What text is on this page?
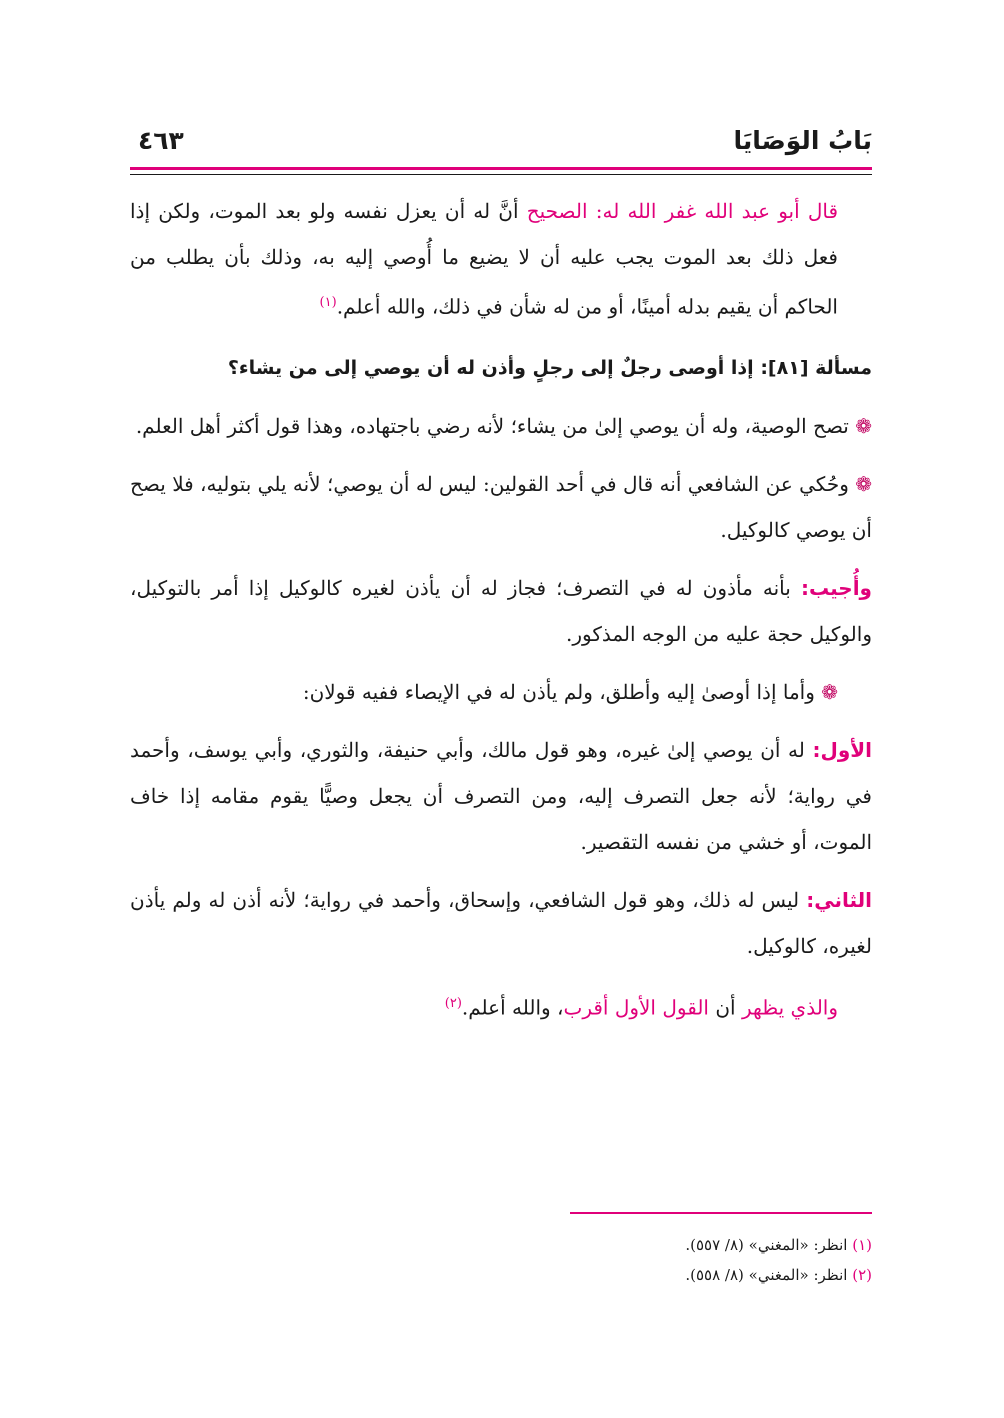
بَابُ الوَصَايَا
٤٦٣

قال أبو عبد الله غفر الله له: الصحيح أنَّ له أن يعزل نفسه ولو بعد الموت، ولكن إذا فعل ذلك بعد الموت يجب عليه أن لا يضيع ما أُوصي إليه به، وذلك بأن يطلب من الحاكم أن يقيم بدله أمينًا، أو من له شأن في ذلك، والله أعلم.$^{(١)}$

مسألة [٨١]: إذا أوصى رجلٌ إلى رجلٍ وأذن له أن يوصي إلى من يشاء؟

❁ تصح الوصية، وله أن يوصي إلىٰ من يشاء؛ لأنه رضي باجتهاده، وهذا قول أكثر أهل العلم.

❁ وحُكي عن الشافعي أنه قال في أحد القولين: ليس له أن يوصي؛ لأنه يلي بتوليه، فلا يصح أن يوصي كالوكيل.

وأُجيب: بأنه مأذون له في التصرف؛ فجاز له أن يأذن لغيره كالوكيل إذا أمر بالتوكيل، والوكيل حجة عليه من الوجه المذكور.

❁ وأما إذا أوصىٰ إليه وأطلق، ولم يأذن له في الإيصاء ففيه قولان:

الأول: له أن يوصي إلىٰ غيره، وهو قول مالك، وأبي حنيفة، والثوري، وأبي يوسف، وأحمد في رواية؛ لأنه جعل التصرف إليه، ومن التصرف أن يجعل وصيًّا يقوم مقامه إذا خاف الموت، أو خشي من نفسه التقصير.

الثاني: ليس له ذلك، وهو قول الشافعي، وإسحاق، وأحمد في رواية؛ لأنه أذن له ولم يأذن لغيره، كالوكيل.

والذي يظهر أن القول الأول أقرب، والله أعلم.$^{(٢)}$

(١) انظر: «المغني» (٨/ ٥٥٧).
(٢) انظر: «المغني» (٨/ ٥٥٨).
